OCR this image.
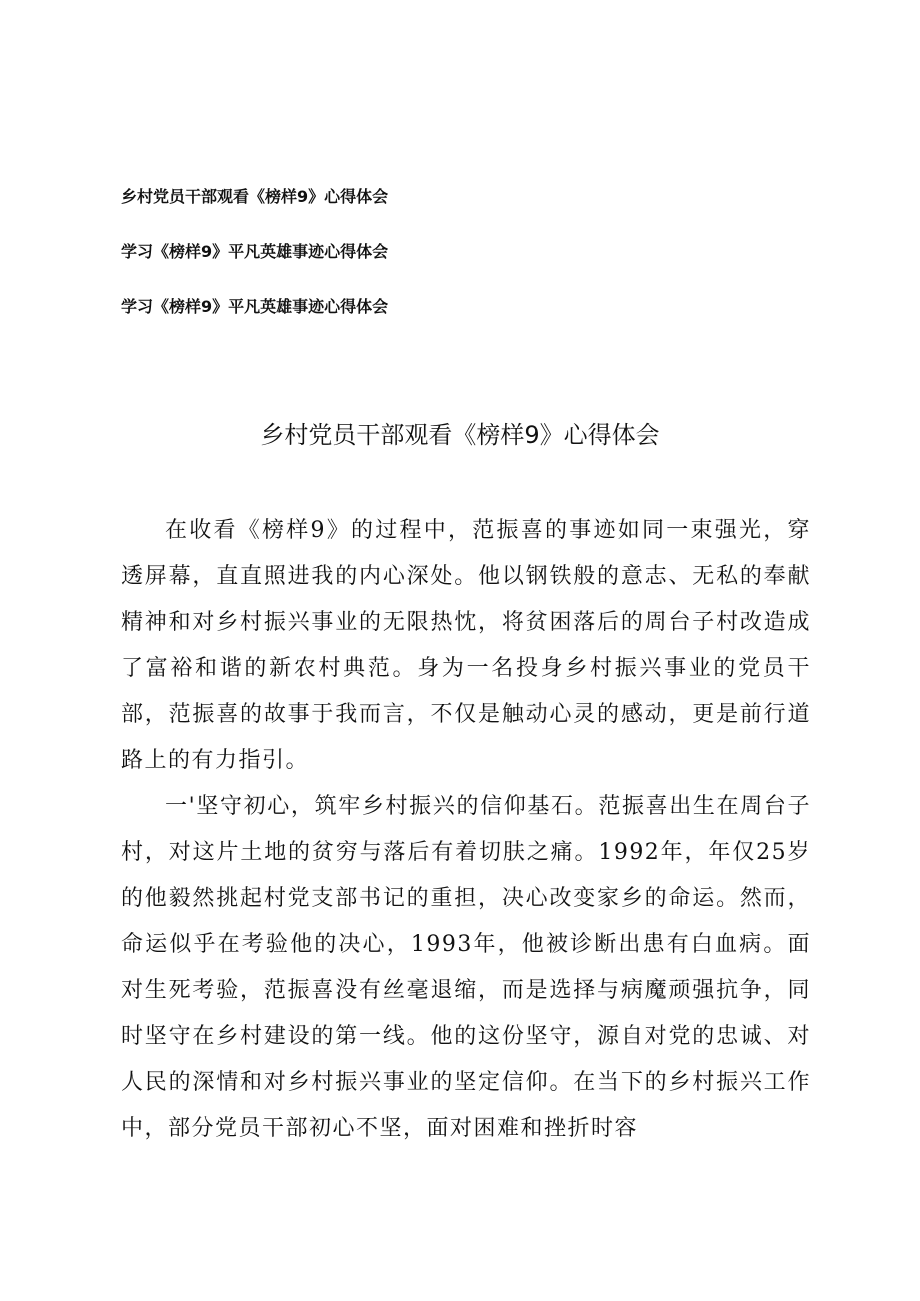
乡村党员干部观看《榜样9》心得体会
学习《榜样9》平凡英雄事迹心得体会
学习《榜样9》平凡英雄事迹心得体会
乡村党员干部观看《榜样9》心得体会

在收看《榜样9》的过程中，范振喜的事迹如同一束强光，穿透屏幕，直直照进我的内心深处。他以钢铁般的意志、无私的奉献精神和对乡村振兴事业的无限热忱，将贫困落后的周台子村改造成了富裕和谐的新农村典范。身为一名投身乡村振兴事业的党员干部，范振喜的故事于我而言，不仅是触动心灵的感动，更是前行道路上的有力指引。

一'坚守初心，筑牢乡村振兴的信仰基石。范振喜出生在周台子村，对这片土地的贫穷与落后有着切肤之痛。1992年，年仅25岁的他毅然挑起村党支部书记的重担，决心改变家乡的命运。然而，命运似乎在考验他的决心，1993年，他被诊断出患有白血病。面对生死考验，范振喜没有丝毫退缩，而是选择与病魔顽强抗争，同时坚守在乡村建设的第一线。他的这份坚守，源自对党的忠诚、对人民的深情和对乡村振兴事业的坚定信仰。在当下的乡村振兴工作中，部分党员干部初心不坚，面对困难和挫折时容
